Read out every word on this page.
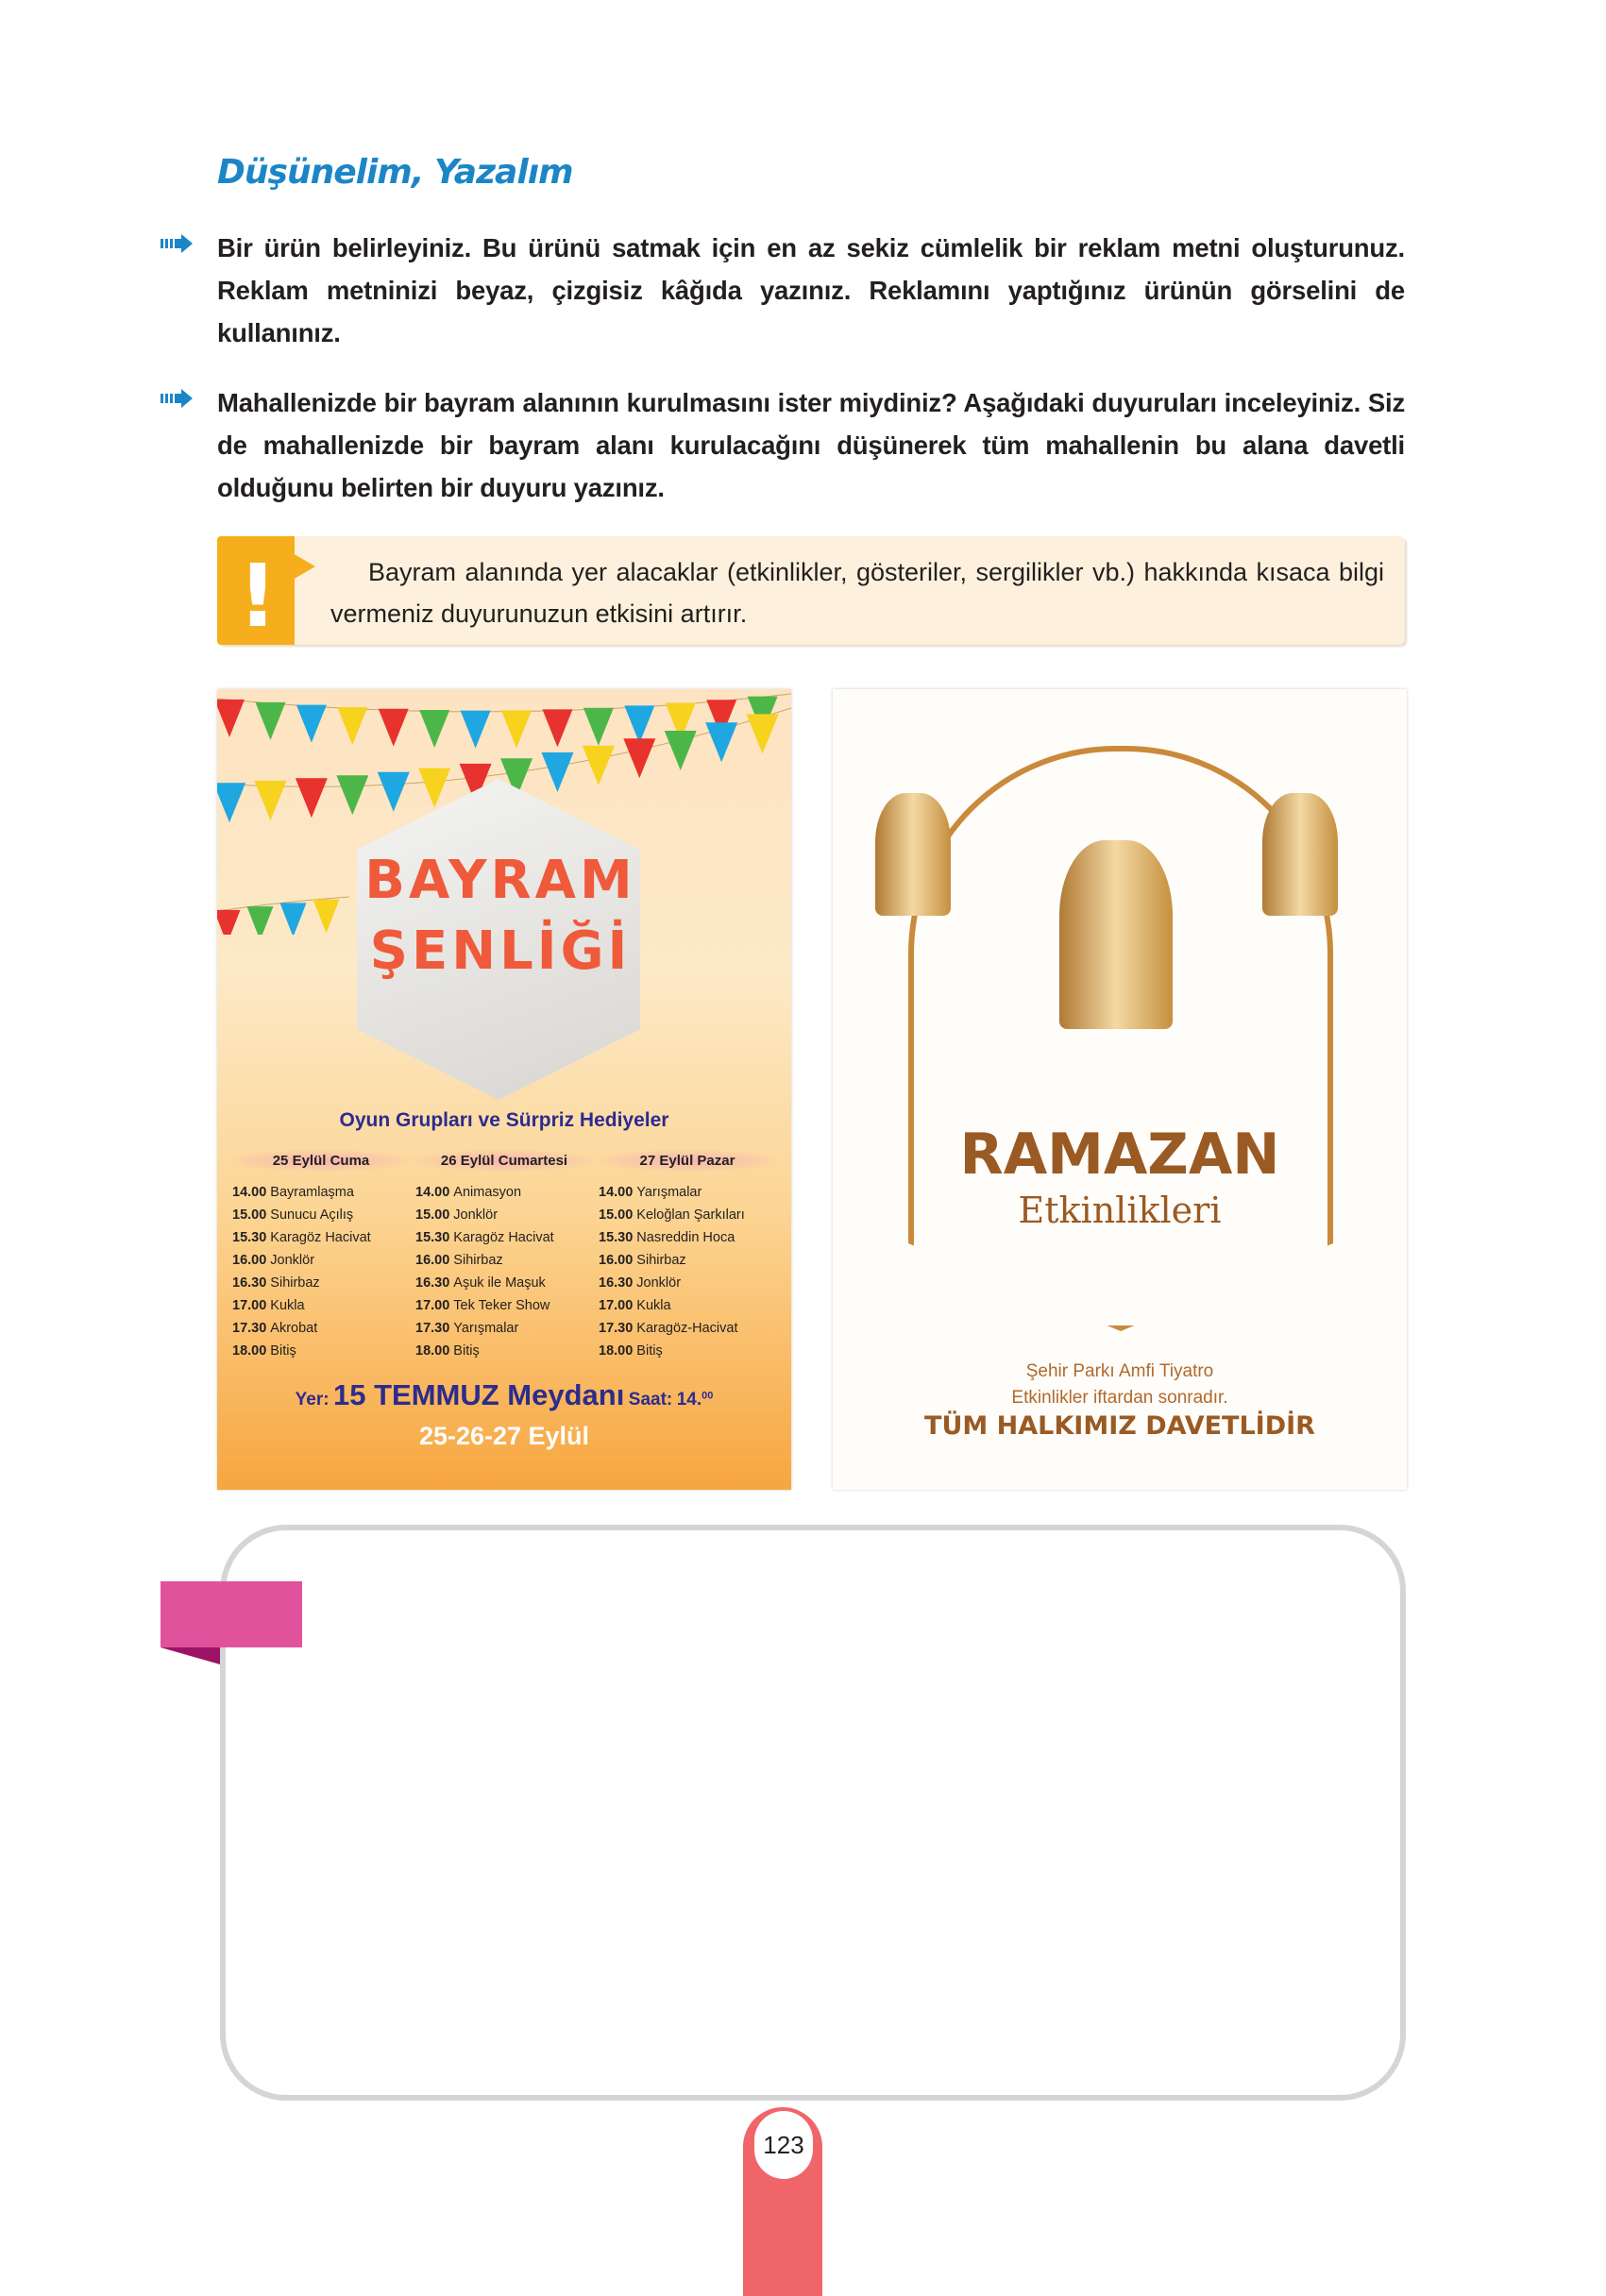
Düşünelim, Yazalım

Bir ürün belirleyiniz. Bu ürünü satmak için en az sekiz cümlelik bir reklam metni oluşturunuz. Reklam metninizi beyaz, çizgisiz kâğıda yazınız. Reklamını yaptığınız ürünün görselini de kullanınız.

Mahallenizde bir bayram alanının kurulmasını ister miydiniz? Aşağıdaki duyuruları inceleyiniz. Siz de mahallenizde bir bayram alanı kurulacağını düşünerek tüm mahallenin bu alana davetli olduğunu belirten bir duyuru yazınız.

!	Bayram alanında yer alacaklar (etkinlikler, gösteriler, sergilikler vb.) hakkında kısaca bilgi vermeniz duyurunuzun etkisini artırır.

BAYRAM
ŞENLİĞİ
Oyun Grupları ve Sürpriz Hediyeler
25 Eylül Cuma
14.00 Bayramlaşma
15.00 Sunucu Açılış
15.30 Karagöz Hacivat
16.00 Jonklör
16.30 Sihirbaz
17.00 Kukla
17.30 Akrobat
18.00 Bitiş
26 Eylül Cumartesi
14.00 Animasyon
15.00 Jonklör
15.30 Karagöz Hacivat
16.00 Sihirbaz
16.30 Aşuk ile Maşuk
17.00 Tek Teker Show
17.30 Yarışmalar
18.00 Bitiş
27 Eylül Pazar
14.00 Yarışmalar
15.00 Keloğlan Şarkıları
15.30 Nasreddin Hoca
16.00 Sihirbaz
16.30 Jonklör
17.00 Kukla
17.30 Karagöz-Hacivat
18.00 Bitiş
Yer: 15 TEMMUZ Meydanı Saat: 14.00
25-26-27 Eylül
RAMAZAN
Etkinlikleri
Şehir Parkı Amfi Tiyatro
Etkinlikler iftardan sonradır.
TÜM HALKIMIZ DAVETLİDİR
123
